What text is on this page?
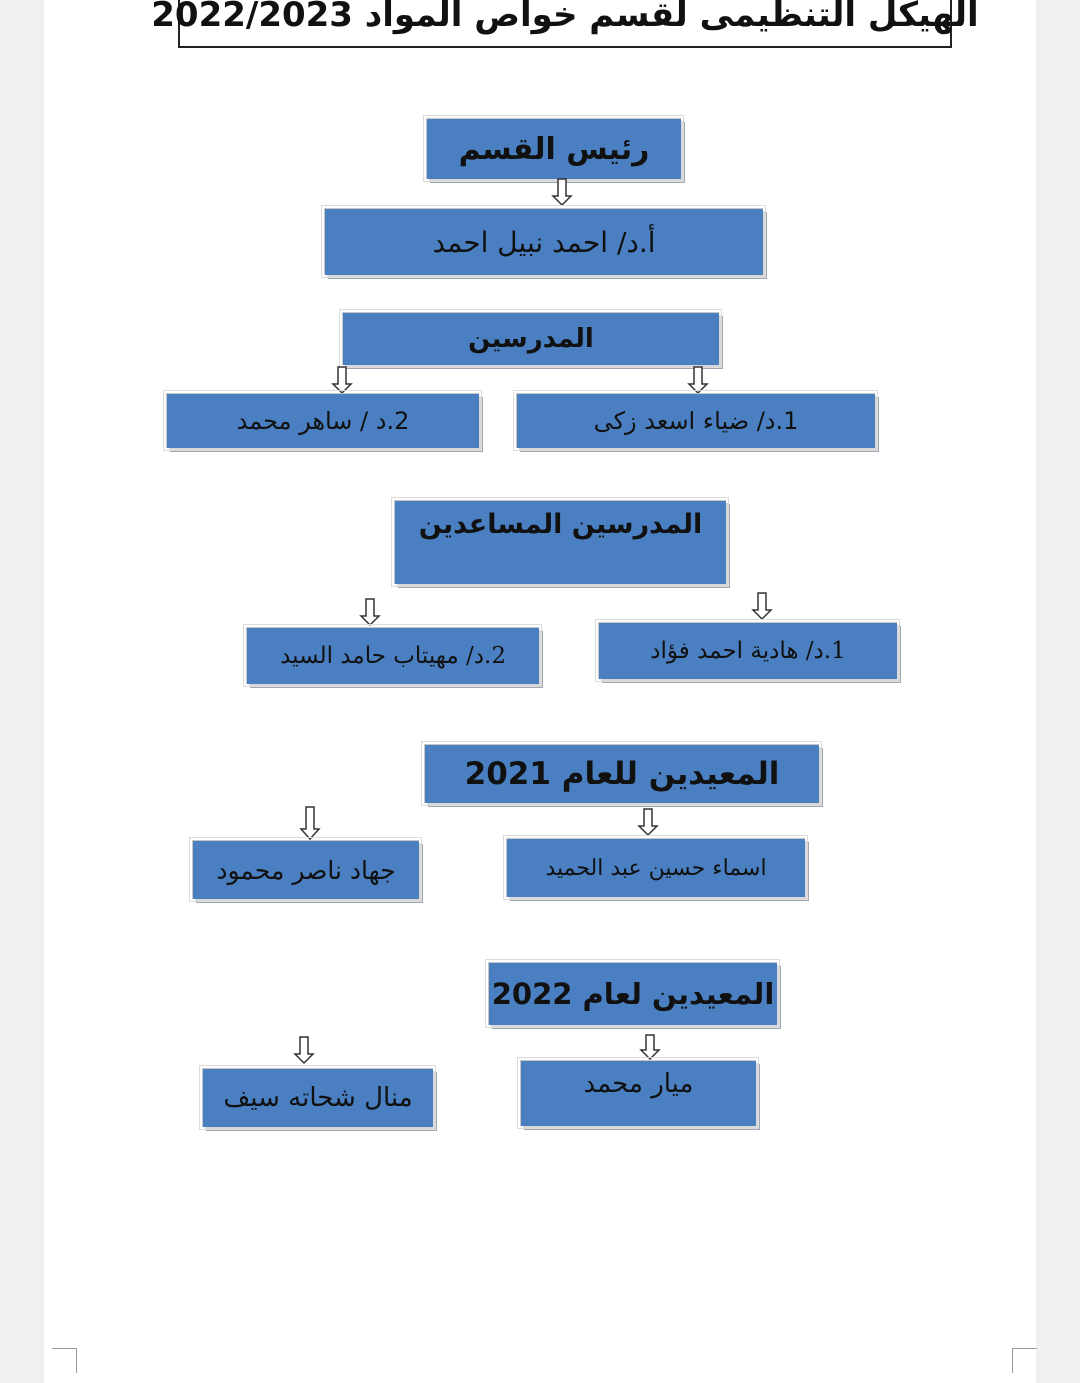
الهيكل التنظيمى لقسم خواص المواد 2022/2023
رئيس القسم
أ.د/ احمد نبيل احمد
المدرسين
1.د/ ضياء اسعد زكى
2.د / ساهر محمد
المدرسين المساعدين
1.د/ هادية احمد فؤاد
2.د/ مهيتاب حامد السيد
المعيدين للعام 2021
اسماء حسين عبد الحميد
جهاد ناصر محمود
المعيدين لعام 2022
ميار محمد
منال شحاته سيف
